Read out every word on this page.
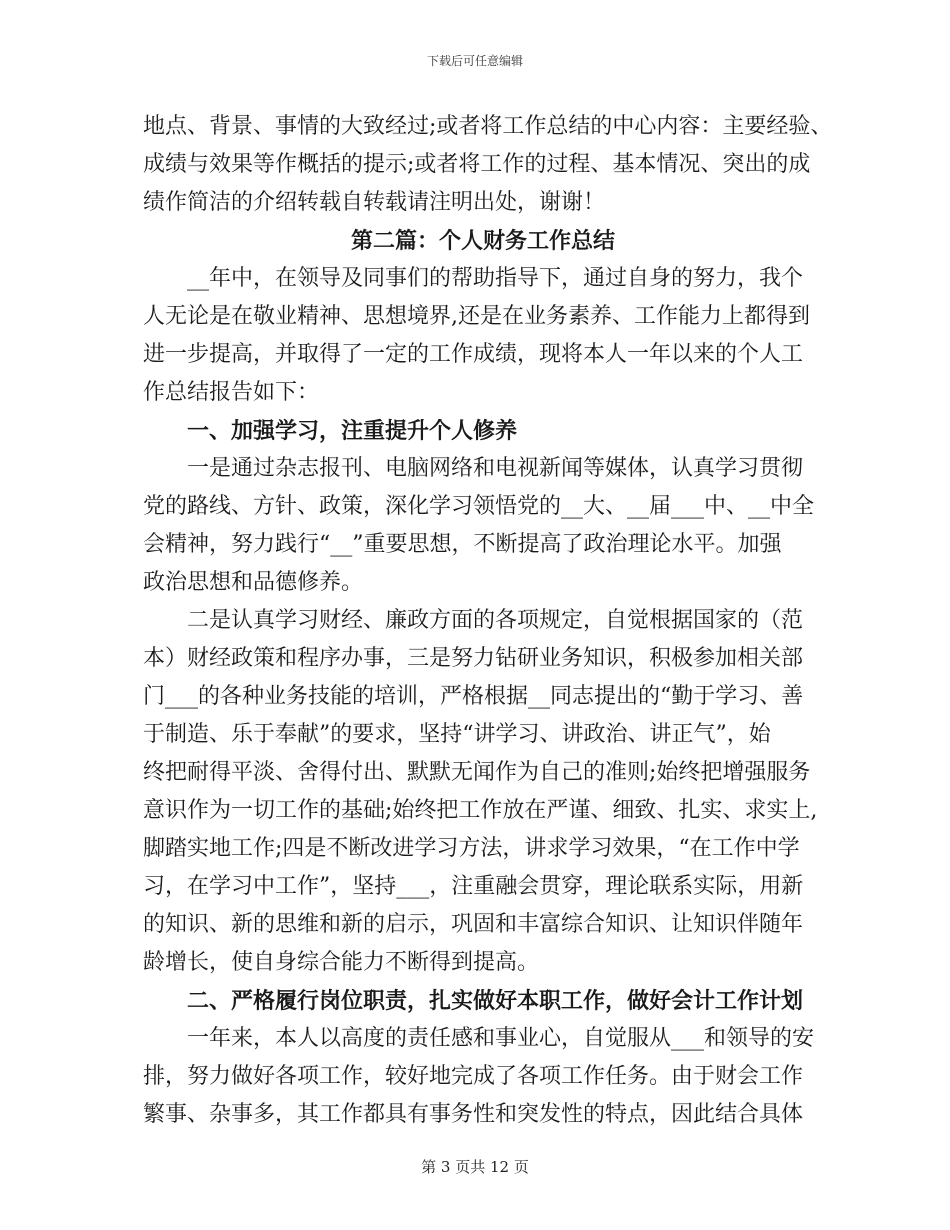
下载后可任意编辑
地点、背景、事情的大致经过;或者将工作总结的中心内容：主要经验、
成绩与效果等作概括的提示;或者将工作的过程、基本情况、突出的成
绩作简洁的介绍转载自转载请注明出处，谢谢！
第二篇：个人财务工作总结
__年中，在领导及同事们的帮助指导下，通过自身的努力，我个
人无论是在敬业精神、思想境界,还是在业务素养、工作能力上都得到
进一步提高，并取得了一定的工作成绩，现将本人一年以来的个人工
作总结报告如下：
一、加强学习，注重提升个人修养
一是通过杂志报刊、电脑网络和电视新闻等媒体，认真学习贯彻
党的路线、方针、政策，深化学习领悟党的__大、__届___中、__中全
会精神，努力践行“__”重要思想，不断提高了政治理论水平。加强
政治思想和品德修养。
二是认真学习财经、廉政方面的各项规定，自觉根据国家的（范
本）财经政策和程序办事，三是努力钻研业务知识，积极参加相关部
门___的各种业务技能的培训，严格根据__同志提出的“勤于学习、善
于制造、乐于奉献”的要求，坚持“讲学习、讲政治、讲正气”，始
终把耐得平淡、舍得付出、默默无闻作为自己的准则;始终把增强服务
意识作为一切工作的基础;始终把工作放在严谨、细致、扎实、求实上,
脚踏实地工作;四是不断改进学习方法，讲求学习效果，“在工作中学
习，在学习中工作”，坚持___，注重融会贯穿，理论联系实际，用新
的知识、新的思维和新的启示，巩固和丰富综合知识、让知识伴随年
龄增长，使自身综合能力不断得到提高。
二、严格履行岗位职责，扎实做好本职工作，做好会计工作计划
一年来，本人以高度的责任感和事业心，自觉服从___和领导的安
排，努力做好各项工作，较好地完成了各项工作任务。由于财会工作
繁事、杂事多，其工作都具有事务性和突发性的特点，因此结合具体
第 3 页共 12 页
